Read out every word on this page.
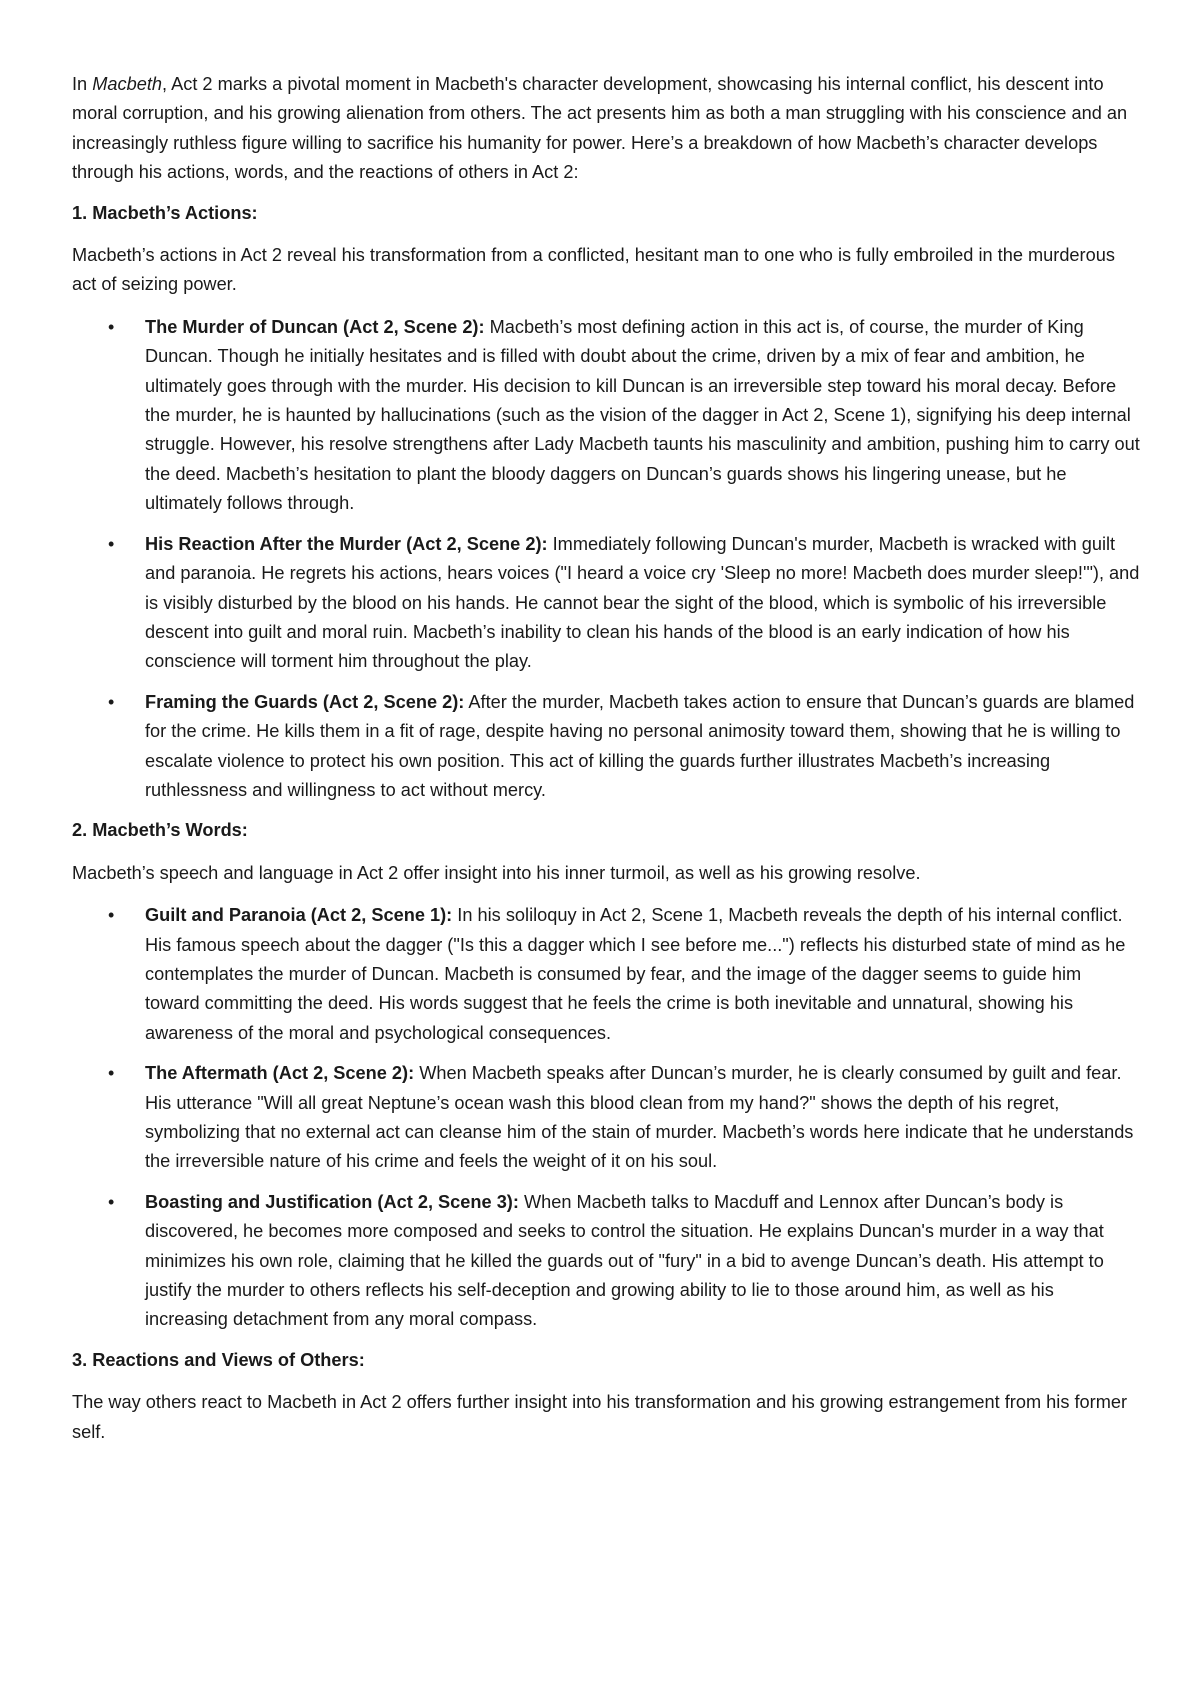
In Macbeth, Act 2 marks a pivotal moment in Macbeth's character development, showcasing his internal conflict, his descent into moral corruption, and his growing alienation from others. The act presents him as both a man struggling with his conscience and an increasingly ruthless figure willing to sacrifice his humanity for power. Here’s a breakdown of how Macbeth’s character develops through his actions, words, and the reactions of others in Act 2:

1. Macbeth’s Actions:

Macbeth’s actions in Act 2 reveal his transformation from a conflicted, hesitant man to one who is fully embroiled in the murderous act of seizing power.

• The Murder of Duncan (Act 2, Scene 2): Macbeth’s most defining action in this act is, of course, the murder of King Duncan. Though he initially hesitates and is filled with doubt about the crime, driven by a mix of fear and ambition, he ultimately goes through with the murder. His decision to kill Duncan is an irreversible step toward his moral decay. Before the murder, he is haunted by hallucinations (such as the vision of the dagger in Act 2, Scene 1), signifying his deep internal struggle. However, his resolve strengthens after Lady Macbeth taunts his masculinity and ambition, pushing him to carry out the deed. Macbeth’s hesitation to plant the bloody daggers on Duncan’s guards shows his lingering unease, but he ultimately follows through.
• His Reaction After the Murder (Act 2, Scene 2): Immediately following Duncan's murder, Macbeth is wracked with guilt and paranoia. He regrets his actions, hears voices ("I heard a voice cry 'Sleep no more! Macbeth does murder sleep!'"), and is visibly disturbed by the blood on his hands. He cannot bear the sight of the blood, which is symbolic of his irreversible descent into guilt and moral ruin. Macbeth’s inability to clean his hands of the blood is an early indication of how his conscience will torment him throughout the play.
• Framing the Guards (Act 2, Scene 2): After the murder, Macbeth takes action to ensure that Duncan’s guards are blamed for the crime. He kills them in a fit of rage, despite having no personal animosity toward them, showing that he is willing to escalate violence to protect his own position. This act of killing the guards further illustrates Macbeth’s increasing ruthlessness and willingness to act without mercy.

2. Macbeth’s Words:

Macbeth’s speech and language in Act 2 offer insight into his inner turmoil, as well as his growing resolve.

• Guilt and Paranoia (Act 2, Scene 1): In his soliloquy in Act 2, Scene 1, Macbeth reveals the depth of his internal conflict. His famous speech about the dagger ("Is this a dagger which I see before me...") reflects his disturbed state of mind as he contemplates the murder of Duncan. Macbeth is consumed by fear, and the image of the dagger seems to guide him toward committing the deed. His words suggest that he feels the crime is both inevitable and unnatural, showing his awareness of the moral and psychological consequences.
• The Aftermath (Act 2, Scene 2): When Macbeth speaks after Duncan’s murder, he is clearly consumed by guilt and fear. His utterance "Will all great Neptune’s ocean wash this blood clean from my hand?" shows the depth of his regret, symbolizing that no external act can cleanse him of the stain of murder. Macbeth’s words here indicate that he understands the irreversible nature of his crime and feels the weight of it on his soul.
• Boasting and Justification (Act 2, Scene 3): When Macbeth talks to Macduff and Lennox after Duncan’s body is discovered, he becomes more composed and seeks to control the situation. He explains Duncan's murder in a way that minimizes his own role, claiming that he killed the guards out of "fury" in a bid to avenge Duncan’s death. His attempt to justify the murder to others reflects his self-deception and growing ability to lie to those around him, as well as his increasing detachment from any moral compass.

3. Reactions and Views of Others:

The way others react to Macbeth in Act 2 offers further insight into his transformation and his growing estrangement from his former self.
